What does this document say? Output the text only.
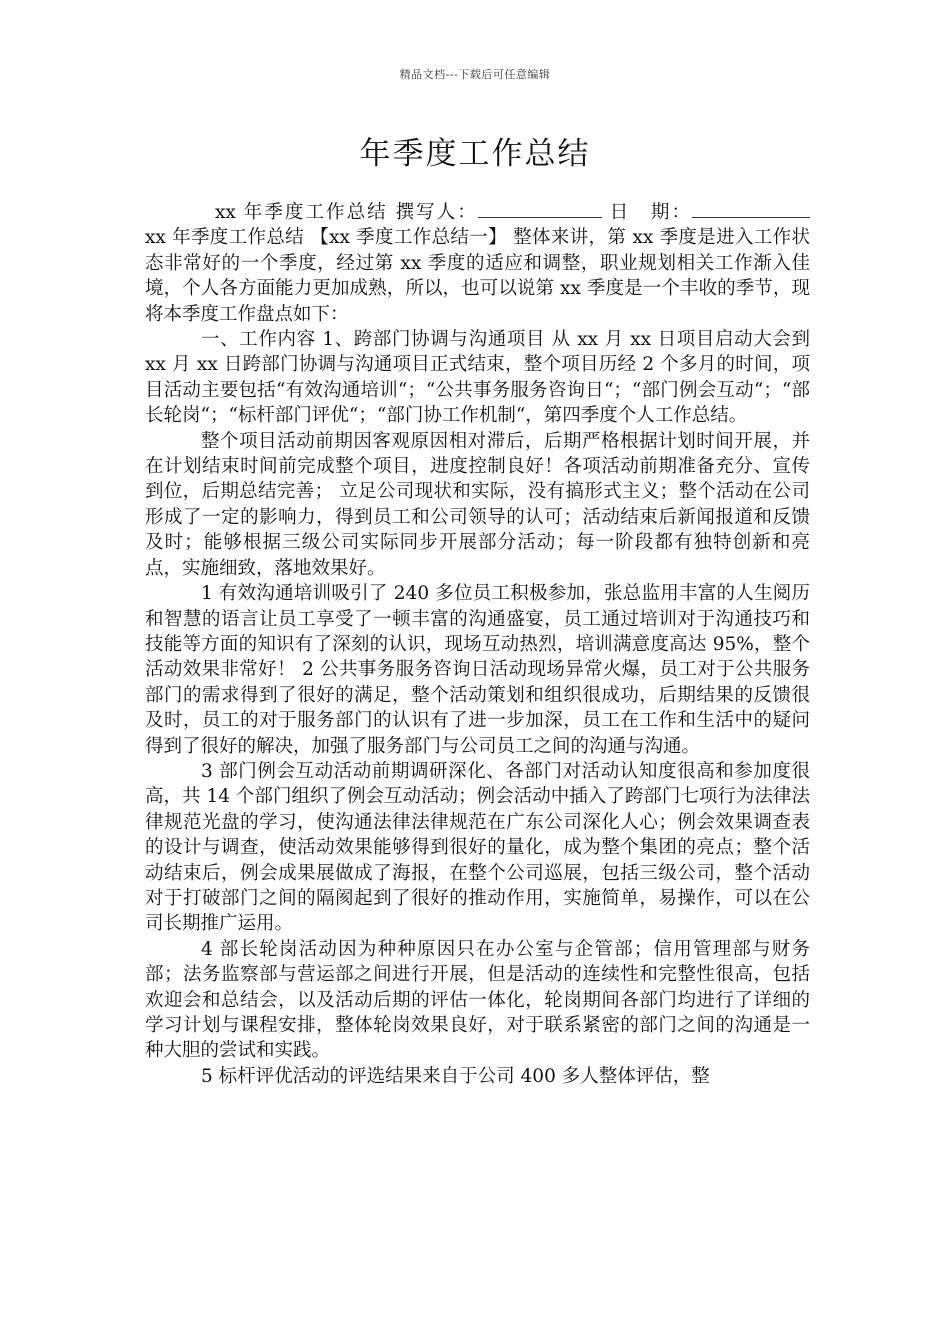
精品文档---下载后可任意编辑
年季度工作总结

xx 年季度工作总结 撰写人：	日　期：　　xx 年季度工作总结 【xx 季度工作总结一】 整体来讲，第 xx 季度是进入工作状态非常好的一个季度，经过第 xx 季度的适应和调整，职业规划相关工作渐入佳境，个人各方面能力更加成熟，所以，也可以说第 xx 季度是一个丰收的季节，现将本季度工作盘点如下：

一、工作内容 1、跨部门协调与沟通项目 从 xx 月 xx 日项目启动大会到 xx 月 xx 日跨部门协调与沟通项目正式结束，整个项目历经 2 个多月的时间，项目活动主要包括“有效沟通培训“；“公共事务服务咨询日“；“部门例会互动“；“部长轮岗“；“标杆部门评优“；“部门协工作机制“，第四季度个人工作总结。

整个项目活动前期因客观原因相对滞后，后期严格根据计划时间开展，并在计划结束时间前完成整个项目，进度控制良好！各项活动前期准备充分、宣传到位，后期总结完善； 立足公司现状和实际，没有搞形式主义；整个活动在公司形成了一定的影响力，得到员工和公司领导的认可；活动结束后新闻报道和反馈及时；能够根据三级公司实际同步开展部分活动；每一阶段都有独特创新和亮点，实施细致，落地效果好。

1 有效沟通培训吸引了 240 多位员工积极参加，张总监用丰富的人生阅历和智慧的语言让员工享受了一顿丰富的沟通盛宴，员工通过培训对于沟通技巧和技能等方面的知识有了深刻的认识，现场互动热烈，培训满意度高达 95%，整个活动效果非常好！ 2 公共事务服务咨询日活动现场异常火爆，员工对于公共服务部门的需求得到了很好的满足，整个活动策划和组织很成功，后期结果的反馈很及时，员工的对于服务部门的认识有了进一步加深，员工在工作和生活中的疑问得到了很好的解决，加强了服务部门与公司员工之间的沟通与沟通。

3 部门例会互动活动前期调研深化、各部门对活动认知度很高和参加度很高，共 14 个部门组织了例会互动活动；例会活动中插入了跨部门七项行为法律法律规范光盘的学习，使沟通法律法律规范在广东公司深化人心；例会效果调查表的设计与调查，使活动效果能够得到很好的量化，成为整个集团的亮点；整个活动结束后，例会成果展做成了海报，在整个公司巡展，包括三级公司，整个活动对于打破部门之间的隔阂起到了很好的推动作用，实施简单，易操作，可以在公司长期推广运用。

4 部长轮岗活动因为种种原因只在办公室与企管部；信用管理部与财务部；法务监察部与营运部之间进行开展，但是活动的连续性和完整性很高，包括欢迎会和总结会，以及活动后期的评估一体化，轮岗期间各部门均进行了详细的学习计划与课程安排，整体轮岗效果良好，对于联系紧密的部门之间的沟通是一种大胆的尝试和实践。

5 标杆评优活动的评选结果来自于公司 400 多人整体评估，整
